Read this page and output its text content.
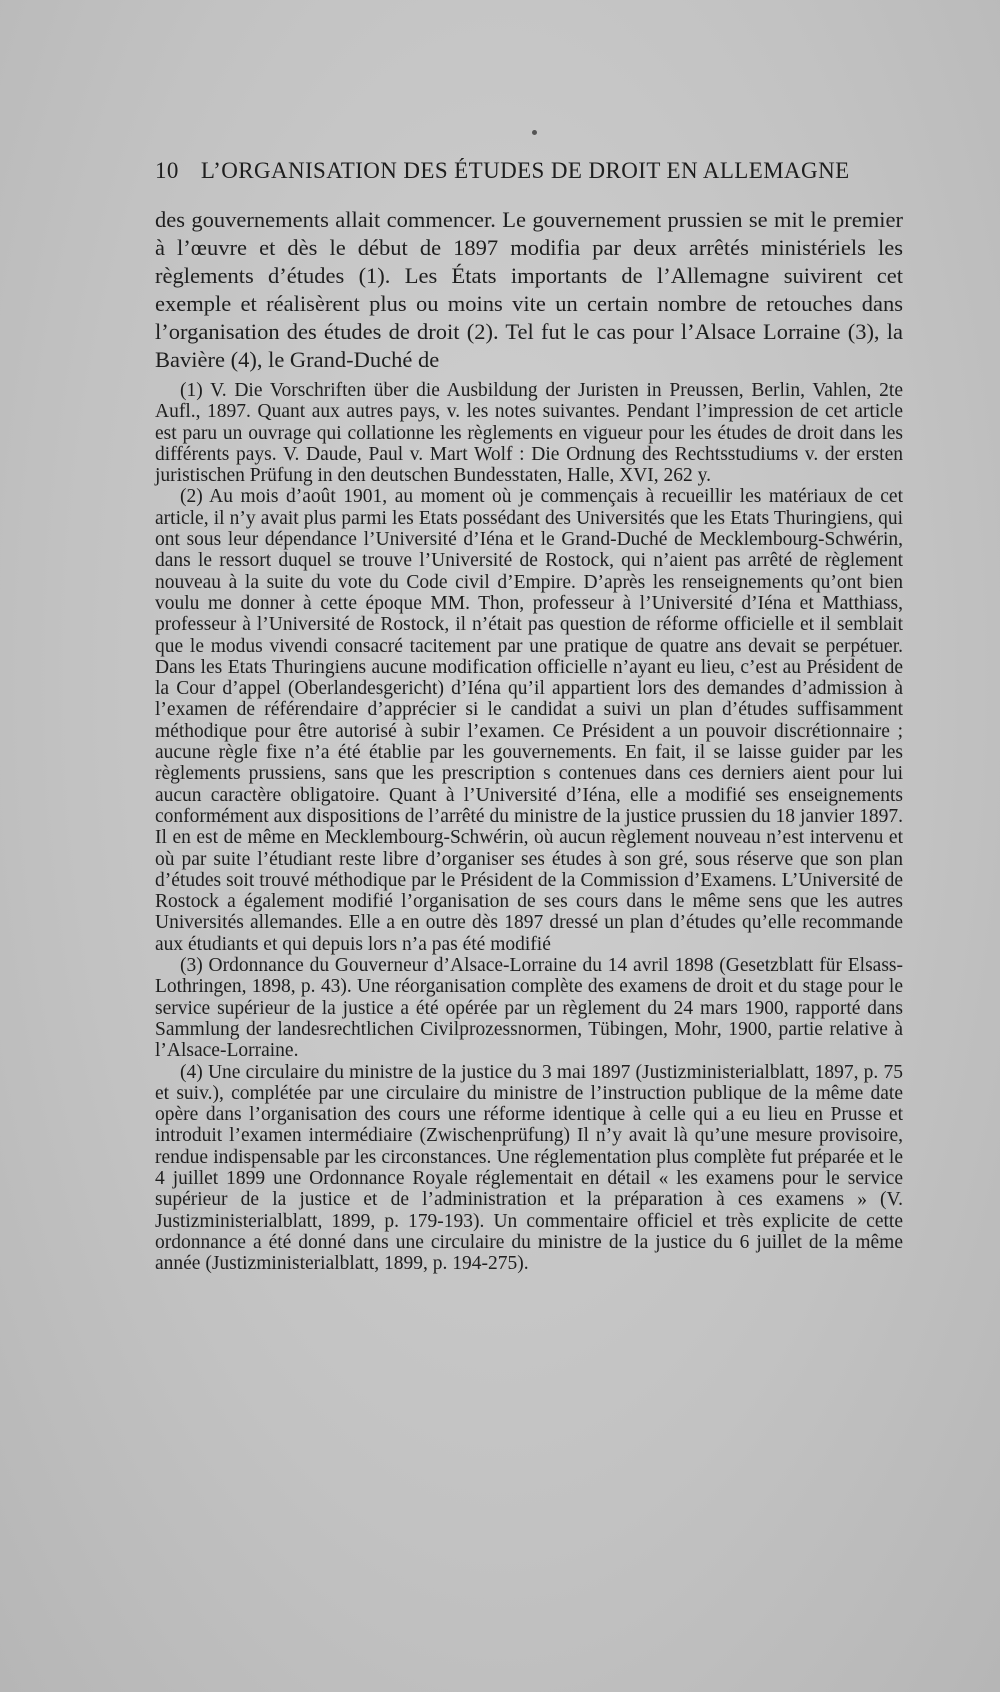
10 L’ORGANISATION DES ÉTUDES DE DROIT EN ALLEMAGNE

des gouvernements allait commencer. Le gouvernement prussien se mit le premier à l’œuvre et dès le début de 1897 modifia par deux arrêtés ministériels les règlements d’études (1). Les États importants de l’Allemagne suivirent cet exemple et réalisèrent plus ou moins vite un certain nombre de retouches dans l’organisation des études de droit (2). Tel fut le cas pour l’Alsace Lorraine (3), la Bavière (4), le Grand-Duché de

(1) V. Die Vorschriften über die Ausbildung der Juristen in Preussen, Berlin, Vahlen, 2te Aufl., 1897. Quant aux autres pays, v. les notes suivantes. Pendant l’impression de cet article est paru un ouvrage qui collationne les règlements en vigueur pour les études de droit dans les différents pays. V. Daude, Paul v. Mart Wolf : Die Ordnung des Rechtsstudiums v. der ersten juristischen Prüfung in den deutschen Bundesstaten, Halle, XVI, 262 y.

(2) Au mois d’août 1901, au moment où je commençais à recueillir les matériaux de cet article, il n’y avait plus parmi les Etats possédant des Universités que les Etats Thuringiens, qui ont sous leur dépendance l’Université d’Iéna et le Grand-Duché de Mecklembourg-Schwérin, dans le ressort duquel se trouve l’Université de Rostock, qui n’aient pas arrêté de règlement nouveau à la suite du vote du Code civil d’Empire. D’après les renseignements qu’ont bien voulu me donner à cette époque MM. Thon, professeur à l’Université d’Iéna et Matthiass, professeur à l’Université de Rostock, il n’était pas question de réforme officielle et il semblait que le modus vivendi consacré tacitement par une pratique de quatre ans devait se perpétuer. Dans les Etats Thuringiens aucune modification officielle n’ayant eu lieu, c’est au Président de la Cour d’appel (Oberlandesgericht) d’Iéna qu’il appartient lors des demandes d’admission à l’examen de référendaire d’apprécier si le candidat a suivi un plan d’études suffisamment méthodique pour être autorisé à subir l’examen. Ce Président a un pouvoir discrétionnaire ; aucune règle fixe n’a été établie par les gouvernements. En fait, il se laisse guider par les règlements prussiens, sans que les prescription s contenues dans ces derniers aient pour lui aucun caractère obligatoire. Quant à l’Université d’Iéna, elle a modifié ses enseignements conformément aux dispositions de l’arrêté du ministre de la justice prussien du 18 janvier 1897. Il en est de même en Mecklembourg-Schwérin, où aucun règlement nouveau n’est intervenu et où par suite l’étudiant reste libre d’organiser ses études à son gré, sous réserve que son plan d’études soit trouvé méthodique par le Président de la Commission d’Examens. L’Université de Rostock a également modifié l’organisation de ses cours dans le même sens que les autres Universités allemandes. Elle a en outre dès 1897 dressé un plan d’études qu’elle recommande aux étudiants et qui depuis lors n’a pas été modifié

(3) Ordonnance du Gouverneur d’Alsace-Lorraine du 14 avril 1898 (Gesetzblatt für Elsass-Lothringen, 1898, p. 43). Une réorganisation complète des examens de droit et du stage pour le service supérieur de la justice a été opérée par un règlement du 24 mars 1900, rapporté dans Sammlung der landesrechtlichen Civilprozessnormen, Tübingen, Mohr, 1900, partie relative à l’Alsace-Lorraine.

(4) Une circulaire du ministre de la justice du 3 mai 1897 (Justizministerialblatt, 1897, p. 75 et suiv.), complétée par une circulaire du ministre de l’instruction publique de la même date opère dans l’organisation des cours une réforme identique à celle qui a eu lieu en Prusse et introduit l’examen intermédiaire (Zwischenprüfung) Il n’y avait là qu’une mesure provisoire, rendue indispensable par les circonstances. Une réglementation plus complète fut préparée et le 4 juillet 1899 une Ordonnance Royale réglementait en détail « les examens pour le service supérieur de la justice et de l’administration et la préparation à ces examens » (V. Justizministerialblatt, 1899, p. 179-193). Un commentaire officiel et très explicite de cette ordonnance a été donné dans une circulaire du ministre de la justice du 6 juillet de la même année (Justizministerialblatt, 1899, p. 194-275).
